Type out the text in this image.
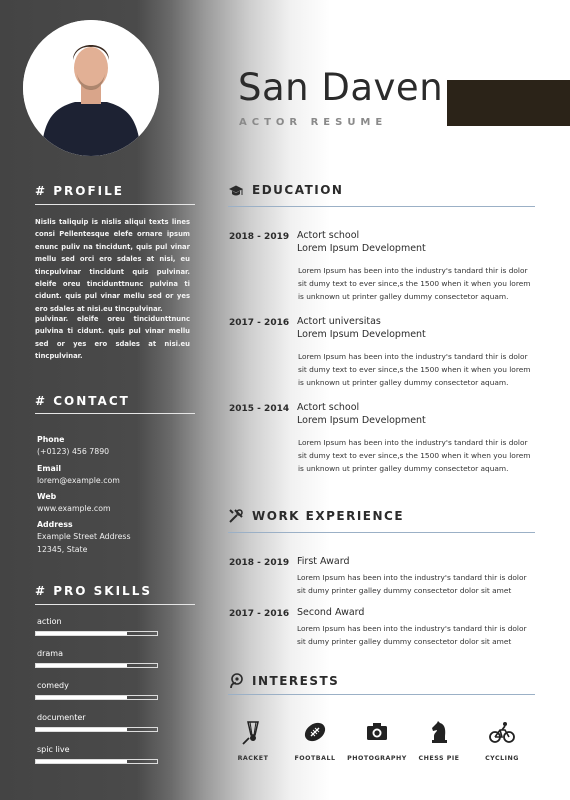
San Daven
ACTOR RESUME
# PROFILE
Nislis taliquip is nislis aliqui texts lines consi Pellentesque elefe ornare ipsum enunc puliv na tincidunt, quis pul vinar mellu sed orci ero sdales at nisi, eu tincpulvinar tincidunt quis pulvinar. eleife oreu tincidunttnunc pulvina ti cidunt. quis pul vinar mellu sed or yes ero sdales at nisi.eu tincpulvinar.
pulvinar. eleife oreu tincidunttnunc pulvina ti cidunt. quis pul vinar mellu sed or yes ero sdales at nisi.eu tincpulvinar.
# CONTACT
Phone
(+0123) 456 7890
Email
lorem@example.com
Web
www.example.com
Address
Example Street Address
12345, State
# PRO SKILLS
action
drama
comedy
documenter
spic live
EDUCATION
2018 - 2019 Actort school
Lorem Ipsum Development
Lorem Ipsum has been into the industry's tandard thir is dolor sit dumy text to ever since,s the 1500 when it when you lorem is unknown ut printer galley dummy consectetor aquam.
2017 - 2016 Actort universitas
Lorem Ipsum Development
Lorem Ipsum has been into the industry's tandard thir is dolor sit dumy text to ever since,s the 1500 when it when you lorem is unknown ut printer galley dummy consectetor aquam.
2015 - 2014 Actort school
Lorem Ipsum Development
Lorem Ipsum has been into the industry's tandard thir is dolor sit dumy text to ever since,s the 1500 when it when you lorem is unknown ut printer galley dummy consectetor aquam.
WORK EXPERIENCE
2018 - 2019 First Award
Lorem Ipsum has been into the industry's tandard thir is dolor sit dumy printer galley dummy consectetor dolor sit amet
2017 - 2016 Second Award
Lorem Ipsum has been into the industry's tandard thir is dolor sit dumy printer galley dummy consectetor dolor sit amet
INTERESTS
RACKET	FOOTBALL	PHOTOGRAPHY	CHESS PIE	CYCLING
